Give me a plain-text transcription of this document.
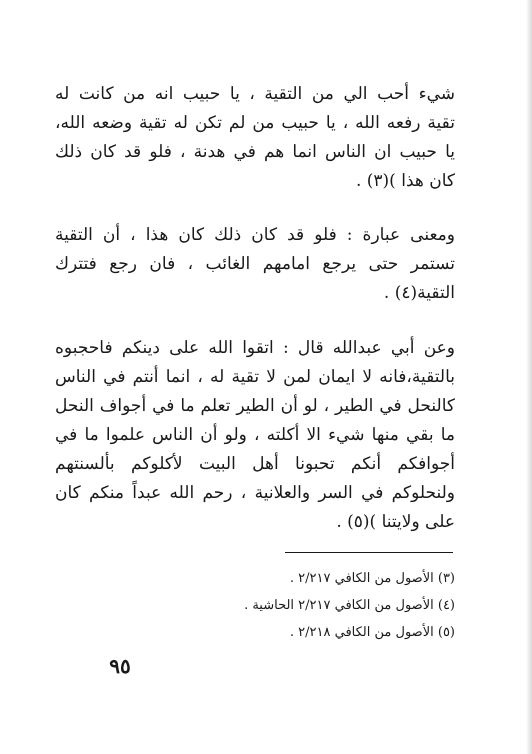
شيء أحب الي من التقية ، يا حبيب انه من كانت له
تقية رفعه الله ، يا حبيب من لم تكن له تقية وضعه الله،
يا حبيب ان الناس انما هم في هدنة ، فلو قد كان ذلك
كان هذا )(٣) .
ومعنى عبارة : فلو قد كان ذلك كان هذا ، أن التقية
تستمر حتى يرجع امامهم الغائب ، فان رجع فتترك
التقية(٤) .
وعن أبي عبدالله قال : اتقوا الله على دينكم فاحجبوه
بالتقية،فانه لا ايمان لمن لا تقية له ، انما أنتم في الناس
كالنحل في الطير ، لو أن الطير تعلم ما في أجواف النحل
ما بقي منها شيء الا أكلته ، ولو أن الناس علموا ما في
أجوافكم أنكم تحبونا أهل البيت لأكلوكم بألسنتهم
ولنحلوكم في السر والعلانية ، رحم الله عبداً منكم كان
على ولايتنا )(٥) .
(٣) الأصول من الكافي ٢/٢١٧ .
(٤) الأصول من الكافي ٢/٢١٧ الحاشية .
(٥) الأصول من الكافي ٢/٢١٨ .
٩٥
